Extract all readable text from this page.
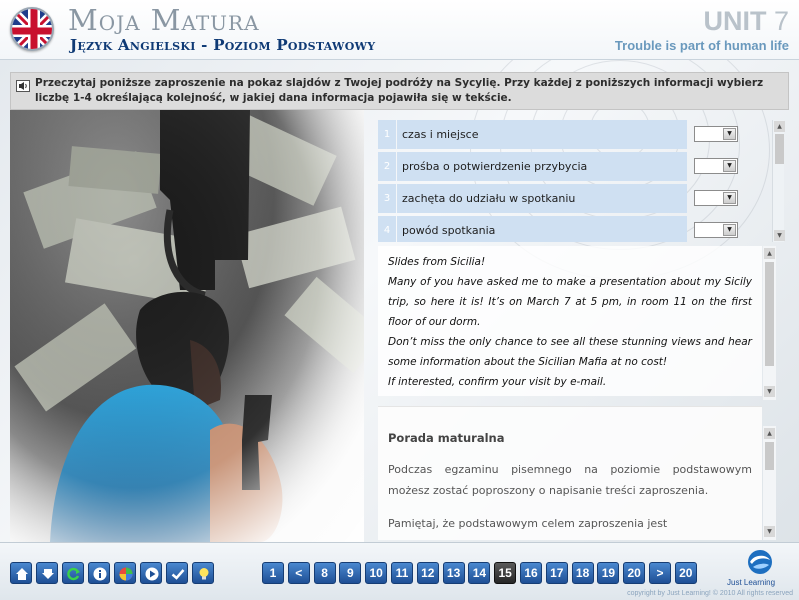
Moja Matura
Język Angielski - Poziom Podstawowy
UNIT 7
Trouble is part of human life
Przeczytaj poniższe zaproszenie na pokaz slajdów z Twojej podróży na Sycylię. Przy każdej z poniższych informacji wybierz liczbę 1-4 określającą kolejność, w jakiej dana informacja pojawiła się w tekście.
1	czas i miejsce	▼
2	prośba o potwierdzenie przybycia	▼
3	zachęta do udziału w spotkaniu	▼
4	powód spotkania	▼
▲
▼

Slides from Sicilia!

Many of you have asked me to make a presentation about my Sicily trip, so here it is! It’s on March 7 at 5 pm, in room 11 on the first floor of our dorm.

Don’t miss the only chance to see all these stunning views and hear some information about the Sicilian Mafia at no cost!

If interested, confirm your visit by e-mail.

▲
▼
Porada maturalna

Podczas egzaminu pisemnego na poziomie podstawowym możesz zostać poproszony o napisanie treści zaproszenia.

Pamiętaj, że podstawowym celem zaproszenia jest

▲
▼
1	<	8	9	10	11	12	13	14	15	16	17	18	19	20	>	20
Just Learning
copyright by Just Learning! © 2010 All rights reserved
